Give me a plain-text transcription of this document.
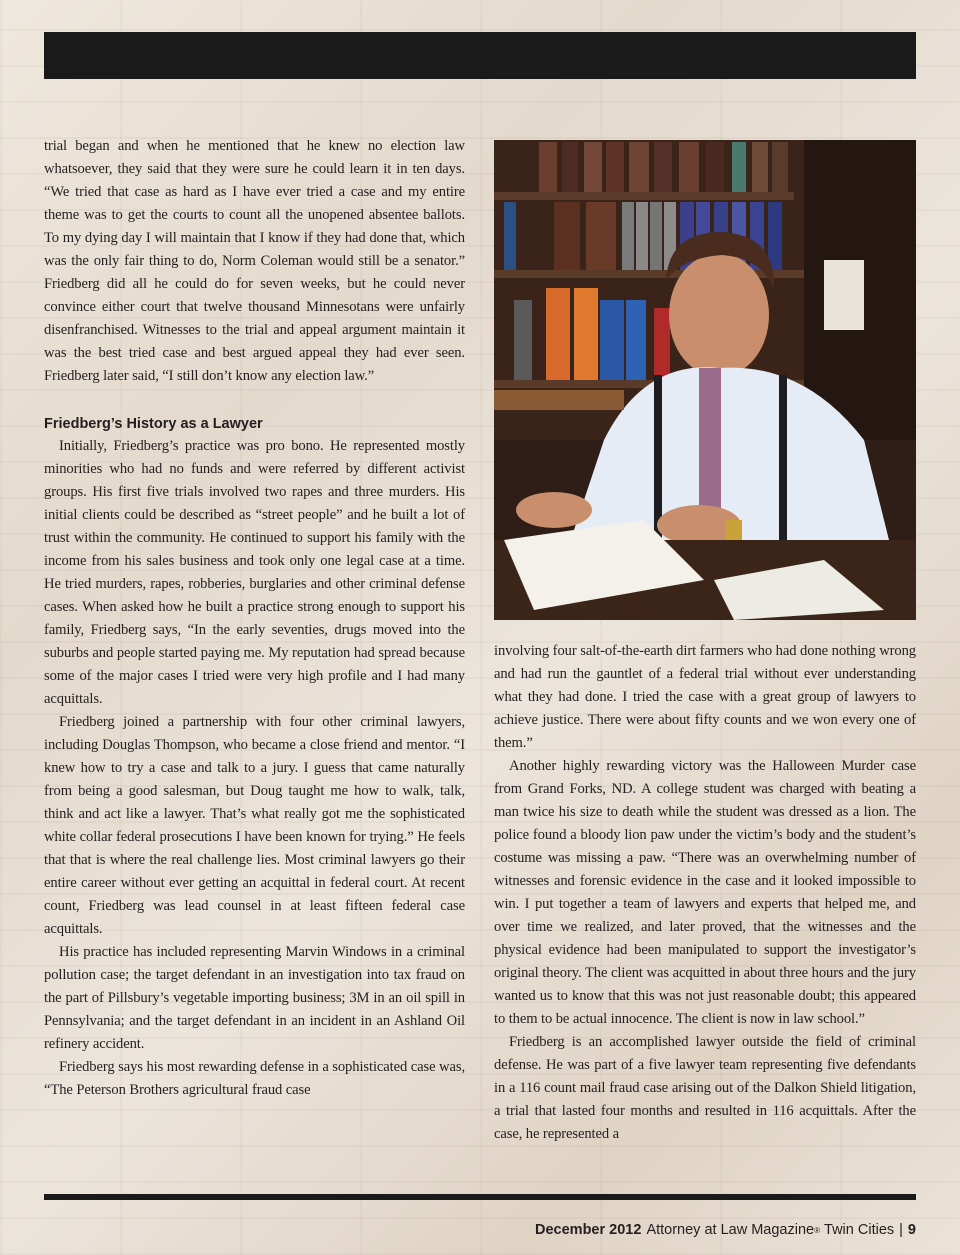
trial began and when he mentioned that he knew no election law whatsoever, they said that they were sure he could learn it in ten days. “We tried that case as hard as I have ever tried a case and my entire theme was to get the courts to count all the unopened absentee ballots. To my dying day I will maintain that I know if they had done that, which was the only fair thing to do, Norm Coleman would still be a senator.” Friedberg did all he could do for seven weeks, but he could never convince either court that twelve thousand Minnesotans were unfairly disenfranchised. Witnesses to the trial and appeal argument maintain it was the best tried case and best argued appeal they had ever seen. Friedberg later said, “I still don’t know any election law.”

Friedberg’s History as a Lawyer

Initially, Friedberg’s practice was pro bono. He represented mostly minorities who had no funds and were referred by different activist groups. His first five trials involved two rapes and three murders. His initial clients could be described as “street people” and he built a lot of trust within the community. He continued to support his family with the income from his sales business and took only one legal case at a time. He tried murders, rapes, robberies, burglaries and other criminal defense cases. When asked how he built a practice strong enough to support his family, Friedberg says, “In the early seventies, drugs moved into the suburbs and people started paying me. My reputation had spread because some of the major cases I tried were very high profile and I had many acquittals.

Friedberg joined a partnership with four other criminal lawyers, including Douglas Thompson, who became a close friend and mentor. “I knew how to try a case and talk to a jury. I guess that came naturally from being a good salesman, but Doug taught me how to walk, talk, think and act like a lawyer. That’s what really got me the sophisticated white collar federal prosecutions I have been known for trying.” He feels that that is where the real challenge lies. Most criminal lawyers go their entire career without ever getting an acquittal in federal court. At recent count, Friedberg was lead counsel in at least fifteen federal case acquittals.

His practice has included representing Marvin Windows in a criminal pollution case; the target defendant in an investigation into tax fraud on the part of Pillsbury’s vegetable importing business; 3M in an oil spill in Pennsylvania; and the target defendant in an incident in an Ashland Oil refinery accident.

Friedberg says his most rewarding defense in a sophisticated case was, “The Peterson Brothers agricultural fraud case

involving four salt-of-the-earth dirt farmers who had done nothing wrong and had run the gauntlet of a federal trial without ever understanding what they had done. I tried the case with a great group of lawyers to achieve justice. There were about fifty counts and we won every one of them.”

Another highly rewarding victory was the Halloween Murder case from Grand Forks, ND. A college student was charged with beating a man twice his size to death while the student was dressed as a lion. The police found a bloody lion paw under the victim’s body and the student’s costume was missing a paw. “There was an overwhelming number of witnesses and forensic evidence in the case and it looked impossible to win. I put together a team of lawyers and experts that helped me, and over time we realized, and later proved, that the witnesses and the physical evidence had been manipulated to support the investigator’s original theory. The client was acquitted in about three hours and the jury wanted us to know that this was not just reasonable doubt; this appeared to them to be actual innocence. The client is now in law school.”

Friedberg is an accomplished lawyer outside the field of criminal defense. He was part of a five lawyer team representing five defendants in a 116 count mail fraud case arising out of the Dalkon Shield litigation, a trial that lasted four months and resulted in 116 acquittals. After the case, he represented a

December 2012 Attorney at Law Magazine ®
Twin Cities | 9
